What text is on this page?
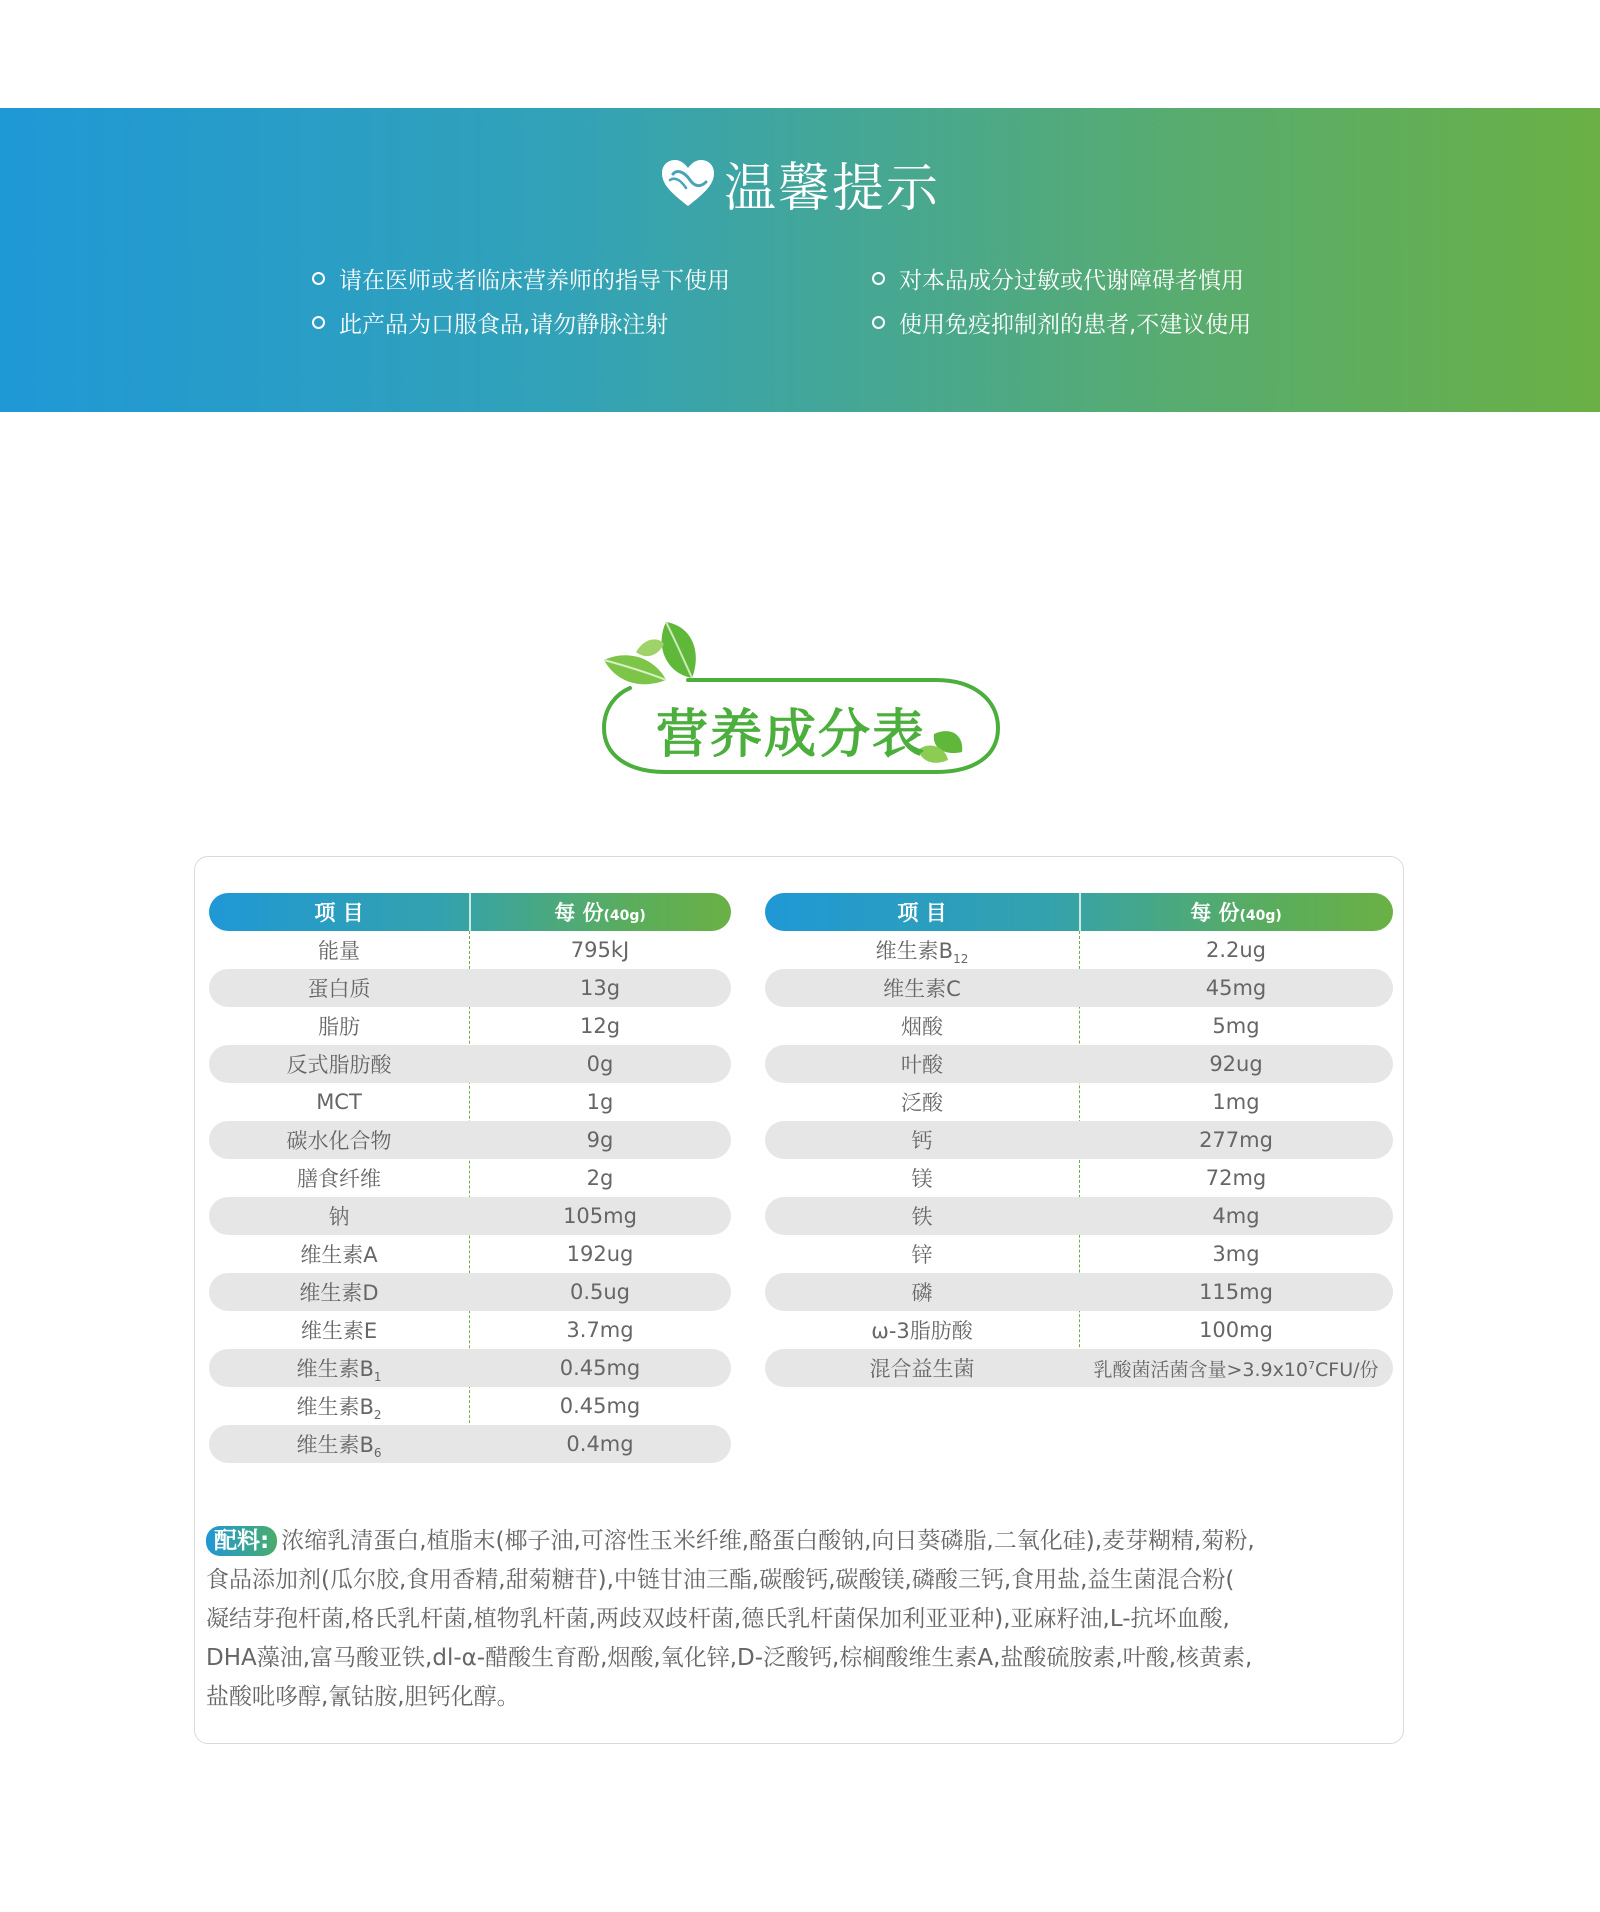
温馨提示
请在医师或者临床营养师的指导下使用	对本品成分过敏或代谢障碍者慎用
此产品为口服食品,请勿静脉注射	使用免疫抑制剂的患者,不建议使用
营养成分表
项 目	每 份(40g)
能量	795kJ
蛋白质	13g
脂肪	12g
反式脂肪酸	0g
MCT	1g
碳水化合物	9g
膳食纤维	2g
钠	105mg
维生素A	192ug
维生素D	0.5ug
维生素E	3.7mg
维生素$B_1$	0.45mg
维生素$B_2$	0.45mg
维生素$B_6$	0.4mg
项 目	每 份(40g)
维生素$B_{12}$	2.2ug
维生素C	45mg
烟酸	5mg
叶酸	92ug
泛酸	1mg
钙	277mg
镁	72mg
铁	4mg
锌	3mg
磷	115mg
ω-3脂肪酸	100mg
混合益生菌	乳酸菌活菌含量$>3.9x10^7CFU/$份
配料: 浓缩乳清蛋白,植脂末(椰子油,可溶性玉米纤维,酪蛋白酸钠,向日葵磷脂,二氧化硅),麦芽糊精,菊粉,
食品添加剂(瓜尔胶,食用香精,甜菊糖苷),中链甘油三酯,碳酸钙,碳酸镁,磷酸三钙,食用盐,益生菌混合粉(
凝结芽孢杆菌,格氏乳杆菌,植物乳杆菌,两歧双歧杆菌,德氏乳杆菌保加利亚亚种),亚麻籽油,L-抗坏血酸,
DHA藻油,富马酸亚铁,dl-α-醋酸生育酚,烟酸,氧化锌,D-泛酸钙,棕榈酸维生素A,盐酸硫胺素,叶酸,核黄素,
盐酸吡哆醇,氰钴胺,胆钙化醇。
